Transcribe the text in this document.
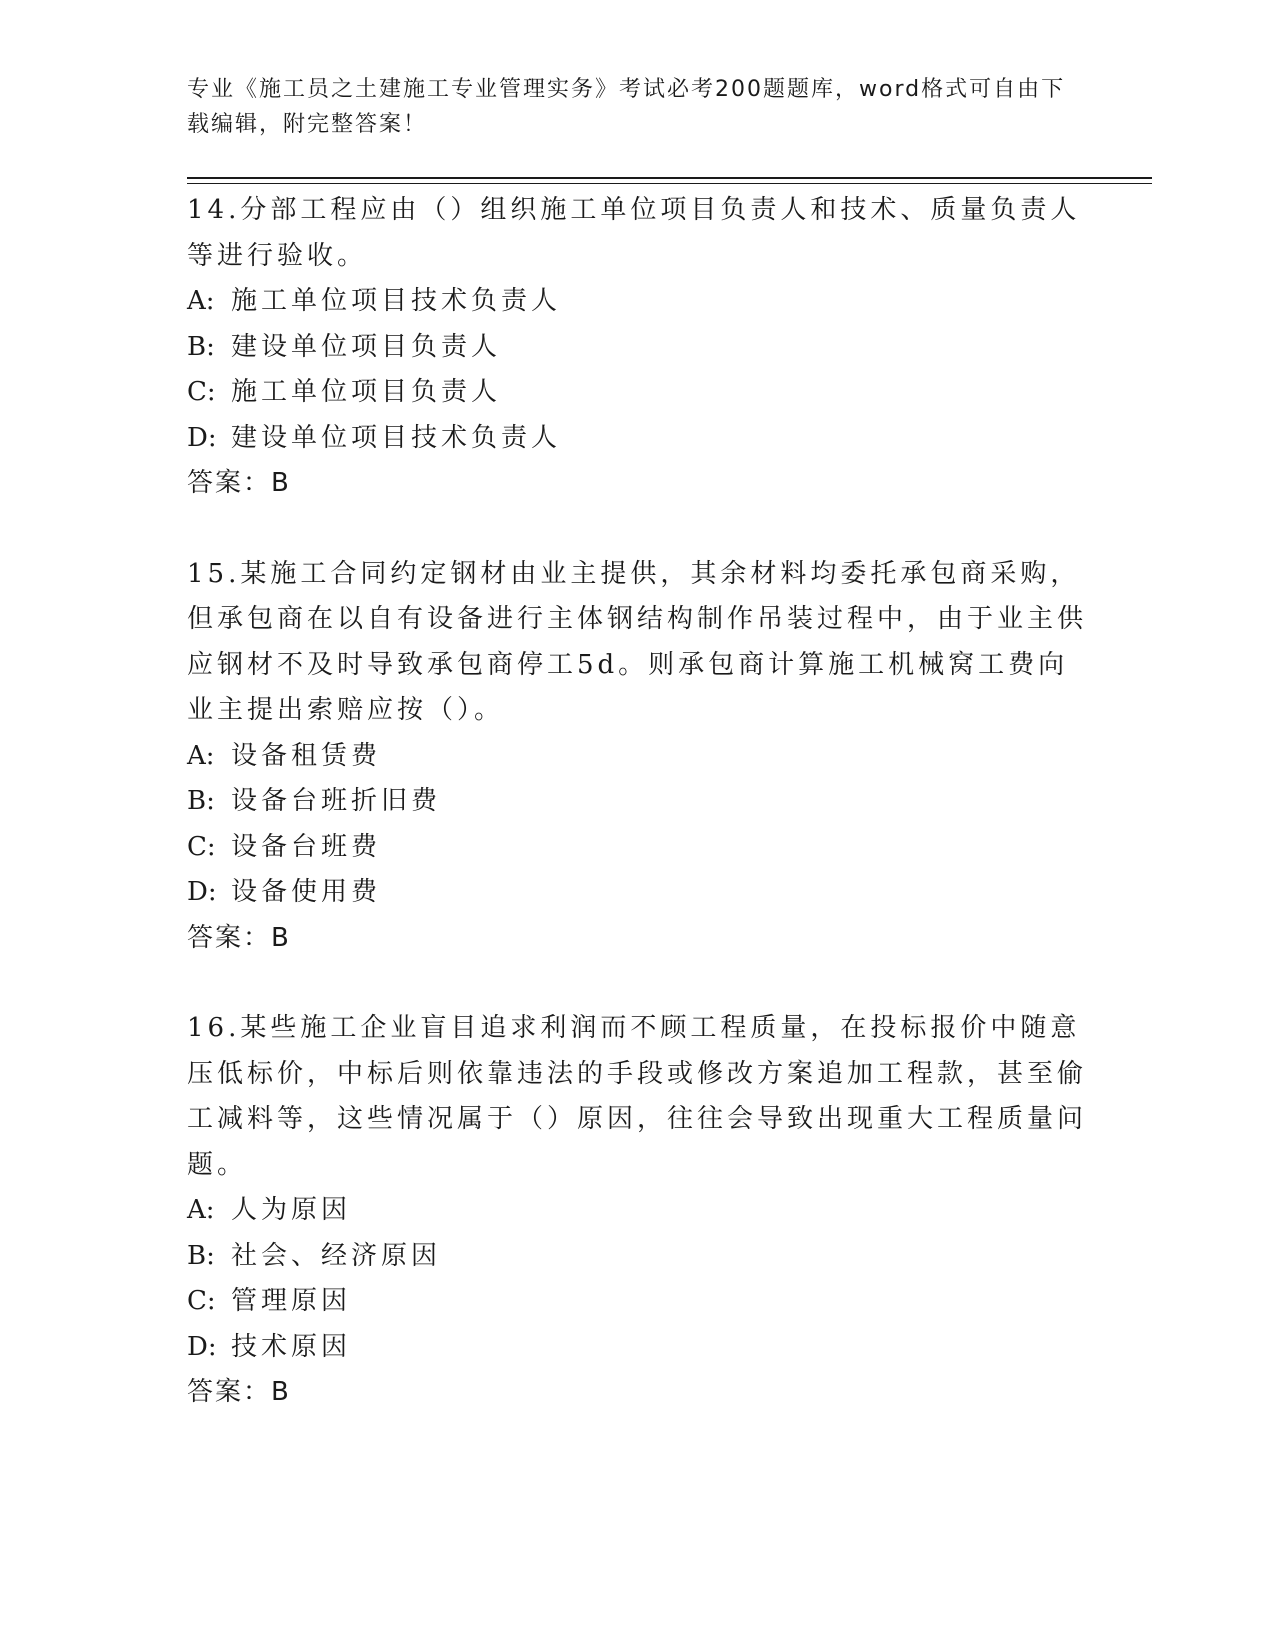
专业《施工员之土建施工专业管理实务》考试必考200题题库，word格式可自由下载编辑，附完整答案！

14.分部工程应由（）组织施工单位项目负责人和技术、质量负责人等进行验收。

A: 施工单位项目技术负责人
B: 建设单位项目负责人
C: 施工单位项目负责人
D: 建设单位项目技术负责人
答案：B

15.某施工合同约定钢材由业主提供，其余材料均委托承包商采购，但承包商在以自有设备进行主体钢结构制作吊装过程中，由于业主供应钢材不及时导致承包商停工5d。则承包商计算施工机械窝工费向业主提出索赔应按（）。

A: 设备租赁费
B: 设备台班折旧费
C: 设备台班费
D: 设备使用费
答案：B

16.某些施工企业盲目追求利润而不顾工程质量，在投标报价中随意压低标价，中标后则依靠违法的手段或修改方案追加工程款，甚至偷工减料等，这些情况属于（）原因，往往会导致出现重大工程质量问题。

A: 人为原因
B: 社会、经济原因
C: 管理原因
D: 技术原因
答案：B
